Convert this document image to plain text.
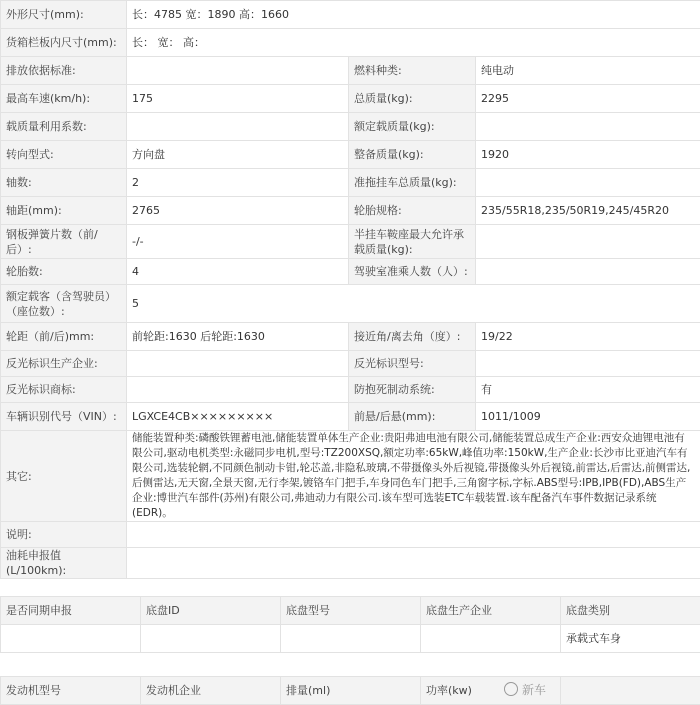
外形尺寸(mm):	长：4785 宽：1890 高：1660		
货箱栏板内尺寸(mm):	长： 宽： 高：		
排放依据标准:		燃料种类:	纯电动
最高车速(km/h):	175	总质量(kg):	2295
载质量利用系数:		额定载质量(kg):	
转向型式:	方向盘	整备质量(kg):	1920
轴数:	2	准拖挂车总质量(kg):	
轴距(mm):	2765	轮胎规格:	235/55R18,235/50R19,245/45R20
钢板弹簧片数（前/后）:	-/-	半挂车鞍座最大允许承载质量(kg):	
轮胎数:	4	驾驶室准乘人数（人）:	
额定载客（含驾驶员）（座位数）:	5		
轮距（前/后)mm:	前轮距:1630 后轮距:1630	接近角/离去角（度）:	19/22
反光标识生产企业:		反光标识型号:	
反光标识商标:		防抱死制动系统:	有
车辆识别代号（VIN）:	LGXCE4CB×××××××××	前悬/后悬(mm):	1011/1009
其它:	储能装置种类:磷酸铁锂蓄电池,储能装置单体生产企业:贵阳弗迪电池有限公司,储能装置总成生产企业:西安众迪锂电池有限公司,驱动电机类型:永磁同步电机,型号:TZ200XSQ,额定功率:65kW,峰值功率:150kW,生产企业:长沙市比亚迪汽车有限公司,选装轮辋,不同颜色制动卡钳,轮芯盖,非隐私玻璃,不带摄像头外后视镜,带摄像头外后视镜,前雷达,后雷达,前侧雷达,后侧雷达,无天窗,全景天窗,无行李架,镀铬车门把手,车身同色车门把手,三角窗字标,字标.ABS型号:IPB,IPB(FD),ABS生产企业:博世汽车部件(苏州)有限公司,弗迪动力有限公司.该车型可选装ETC车载装置.该车配备汽车事件数据记录系统(EDR)。		
说明:			
油耗申报值(L/100km):			
是否同期申报	底盘ID	底盘型号	底盘生产企业	底盘类别
				承载式车身
发动机型号	发动机企业	排量(ml)	功率(kw)		新车
